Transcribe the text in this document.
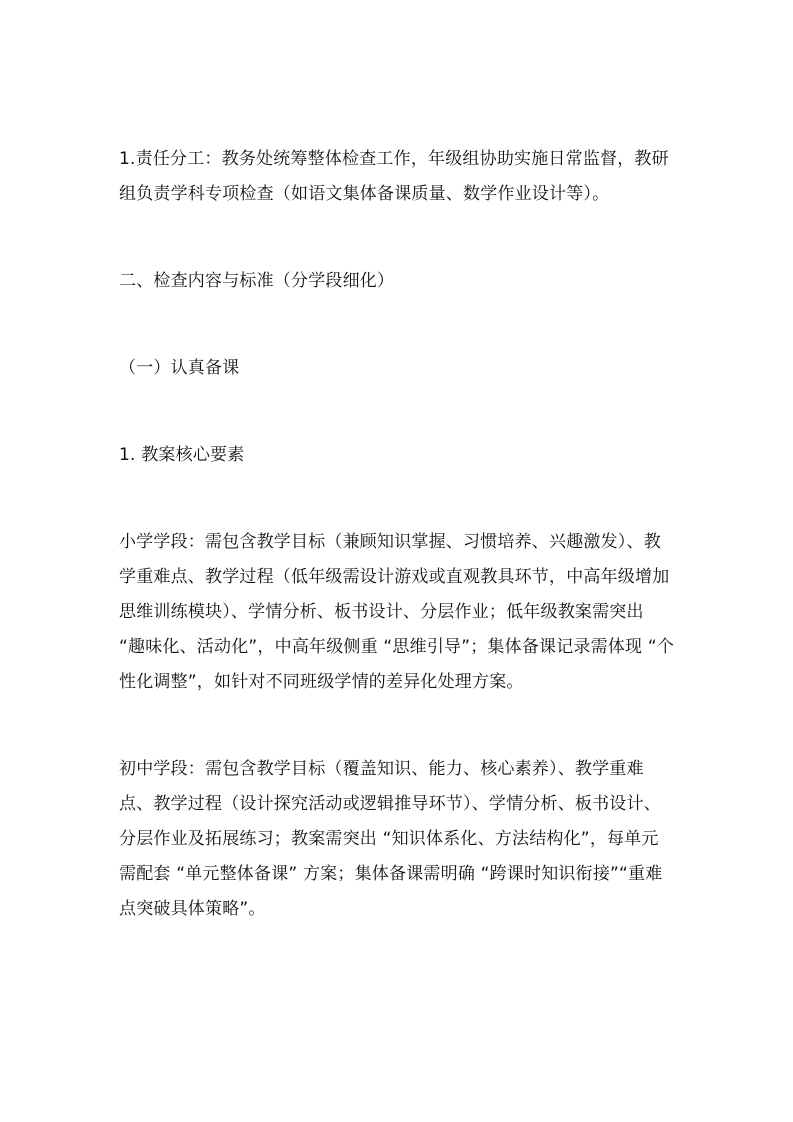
1.责任分工：教务处统筹整体检查工作，年级组协助实施日常监督，教研组负责学科专项检查（如语文集体备课质量、数学作业设计等）。

二、检查内容与标准（分学段细化）

（一）认真备课

1. 教案核心要素

小学学段：需包含教学目标（兼顾知识掌握、习惯培养、兴趣激发）、教学重难点、教学过程（低年级需设计游戏或直观教具环节，中高年级增加思维训练模块）、学情分析、板书设计、分层作业；低年级教案需突出 “趣味化、活动化”，中高年级侧重 “思维引导”；集体备课记录需体现 “个性化调整”，如针对不同班级学情的差异化处理方案。

初中学段：需包含教学目标（覆盖知识、能力、核心素养）、教学重难点、教学过程（设计探究活动或逻辑推导环节）、学情分析、板书设计、分层作业及拓展练习；教案需突出 “知识体系化、方法结构化”，每单元需配套 “单元整体备课” 方案；集体备课需明确 “跨课时知识衔接”“重难点突破具体策略”。
